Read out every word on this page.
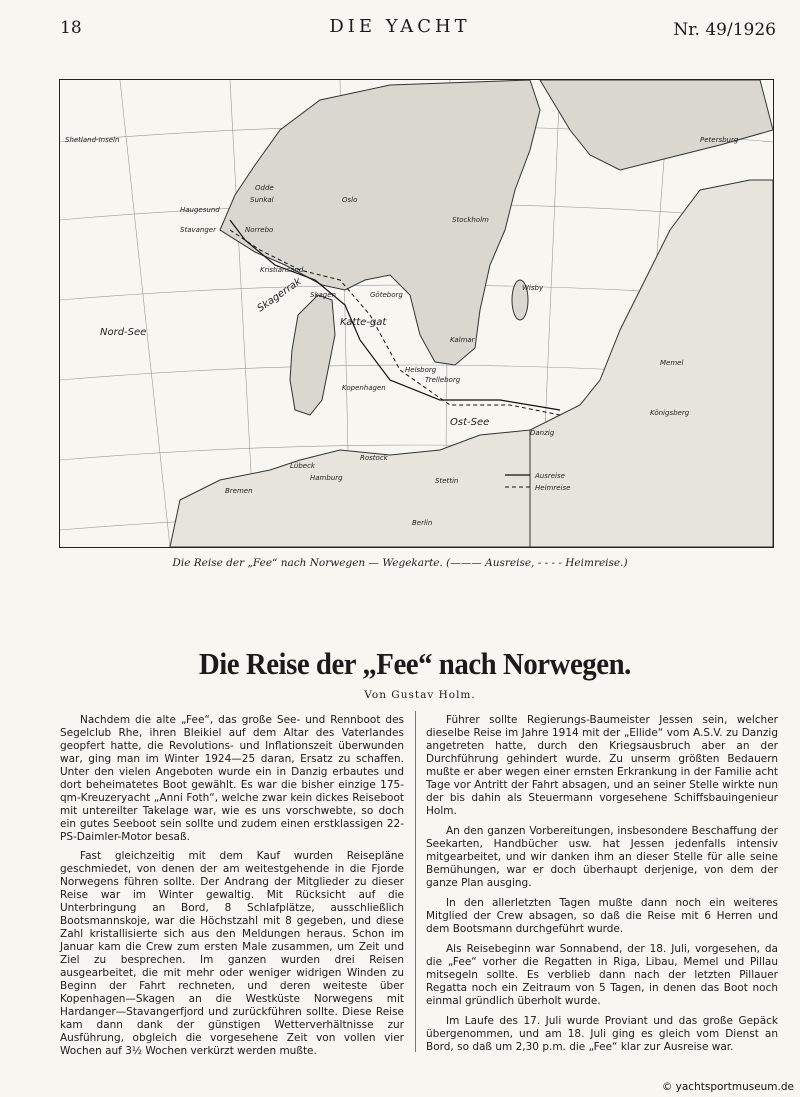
18	DIE YACHT	Nr. 49/1926
Shetland-Inseln	Petersburg
Odde
Sunkal
Haugesund
Stavanger	Norrebo
Oslo
Stockholm
Kristiansand
Skagerrak Skagen	Göteborg
Wisby
Nord-See
Katte-gat
Kalmar
Helsborg
Kopenhagen
Trelleborg
Memel
Ost-See
Königsberg
Danzig
Lübeck
Rostock
Stettin
Bremen
Hamburg
Berlin
Ausreise
Heimreise
Die Reise der „Fee“ nach Norwegen — Wegekarte. (——— Ausreise, - - - - Heimreise.)
Die Reise der „Fee“ nach Norwegen.
Von Gustav Holm.

Nachdem die alte „Fee“, das große See- und Rennboot des Segelclub Rhe, ihren Bleikiel auf dem Altar des Vaterlandes geopfert hatte, die Revolutions- und Inflationszeit überwunden war, ging man im Winter 1924—25 daran, Ersatz zu schaffen. Unter den vielen Angeboten wurde ein in Danzig erbautes und dort beheimatetes Boot gewählt. Es war die bisher einzige 175-qm-Kreuzeryacht „Anni Foth“, welche zwar kein dickes Reiseboot mit untereilter Takelage war, wie es uns vorschwebte, so doch ein gutes Seeboot sein sollte und zudem einen erstklassigen 22-PS-Daimler-Motor besaß.

Fast gleichzeitig mit dem Kauf wurden Reisepläne geschmiedet, von denen der am weitestgehende in die Fjorde Norwegens führen sollte. Der Andrang der Mitglieder zu dieser Reise war im Winter gewaltig. Mit Rücksicht auf die Unterbringung an Bord, 8 Schlafplätze, ausschließlich Bootsmannskoje, war die Höchstzahl mit 8 gegeben, und diese Zahl kristallisierte sich aus den Meldungen heraus. Schon im Januar kam die Crew zum ersten Male zusammen, um Zeit und Ziel zu besprechen. Im ganzen wurden drei Reisen ausgearbeitet, die mit mehr oder weniger widrigen Winden zu Beginn der Fahrt rechneten, und deren weiteste über Kopenhagen—Skagen an die Westküste Norwegens mit Hardanger—Stavangerfjord und zurückführen sollte. Diese Reise kam dann dank der günstigen Wetterverhältnisse zur Ausführung, obgleich die vorgesehene Zeit von vollen vier Wochen auf 3½ Wochen verkürzt werden mußte.

Führer sollte Regierungs-Baumeister Jessen sein, welcher dieselbe Reise im Jahre 1914 mit der „Ellide“ vom A.S.V. zu Danzig angetreten hatte, durch den Kriegsausbruch aber an der Durchführung gehindert wurde. Zu unserm größten Bedauern mußte er aber wegen einer ernsten Erkrankung in der Familie acht Tage vor Antritt der Fahrt absagen, und an seiner Stelle wirkte nun der bis dahin als Steuermann vorgesehene Schiffsbauingenieur Holm.

An den ganzen Vorbereitungen, insbesondere Beschaffung der Seekarten, Handbücher usw. hat Jessen jedenfalls intensiv mitgearbeitet, und wir danken ihm an dieser Stelle für alle seine Bemühungen, war er doch überhaupt derjenige, von dem der ganze Plan ausging.

In den allerletzten Tagen mußte dann noch ein weiteres Mitglied der Crew absagen, so daß die Reise mit 6 Herren und dem Bootsmann durchgeführt wurde.

Als Reisebeginn war Sonnabend, der 18. Juli, vorgesehen, da die „Fee“ vorher die Regatten in Riga, Libau, Memel und Pillau mitsegeln sollte. Es verblieb dann nach der letzten Pillauer Regatta noch ein Zeitraum von 5 Tagen, in denen das Boot noch einmal gründlich überholt wurde.

Im Laufe des 17. Juli wurde Proviant und das große Gepäck übergenommen, und am 18. Juli ging es gleich vom Dienst an Bord, so daß um 2,30 p.m. die „Fee“ klar zur Ausreise war.

© yachtsportmuseum.de
